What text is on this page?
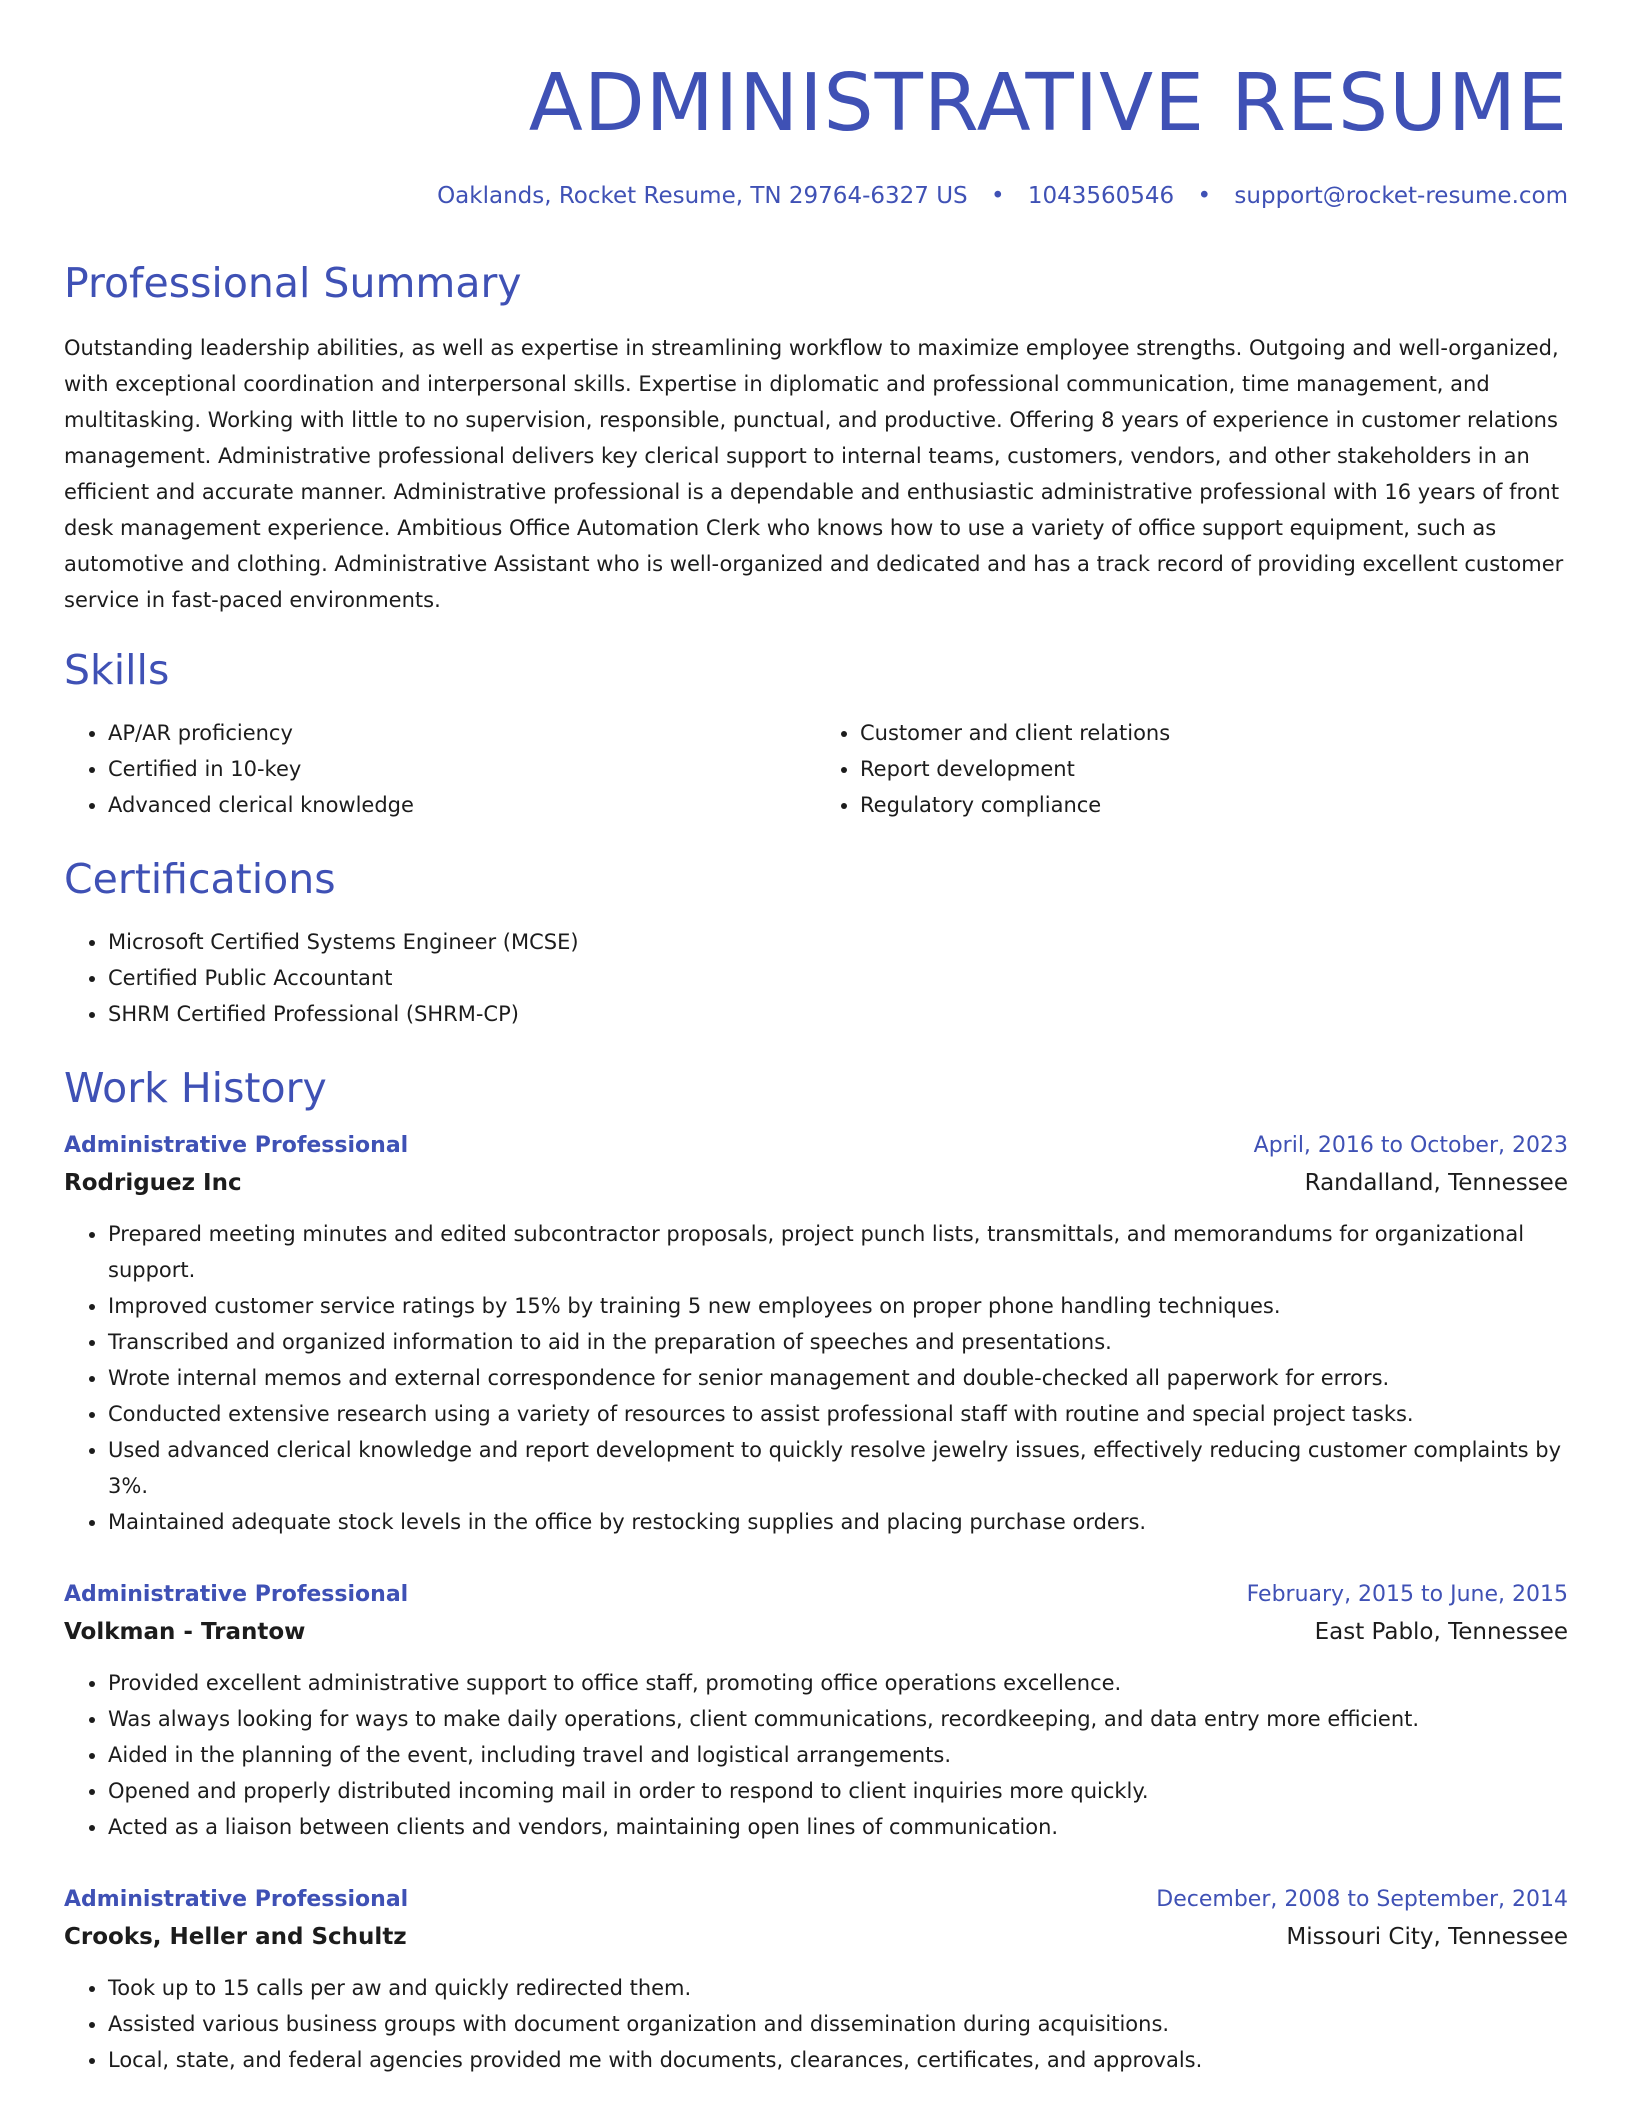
ADMINISTRATIVE RESUME
Oaklands, Rocket Resume, TN 29764-6327 US • 1043560546 • support@rocket-resume.com
Professional Summary
Outstanding leadership abilities, as well as expertise in streamlining workflow to maximize employee strengths. Outgoing and well-organized, with exceptional coordination and interpersonal skills. Expertise in diplomatic and professional communication, time management, and multitasking. Working with little to no supervision, responsible, punctual, and productive. Offering 8 years of experience in customer relations management. Administrative professional delivers key clerical support to internal teams, customers, vendors, and other stakeholders in an efficient and accurate manner. Administrative professional is a dependable and enthusiastic administrative professional with 16 years of front desk management experience. Ambitious Office Automation Clerk who knows how to use a variety of office support equipment, such as automotive and clothing. Administrative Assistant who is well-organized and dedicated and has a track record of providing excellent customer service in fast-paced environments.
Skills
• AP/AR proficiency
• Certified in 10-key
• Advanced clerical knowledge
• Customer and client relations
• Report development
• Regulatory compliance
Certifications
• Microsoft Certified Systems Engineer (MCSE)
• Certified Public Accountant
• SHRM Certified Professional (SHRM-CP)
Work History
Administrative Professional	April, 2016 to October, 2023
Rodriguez Inc	Randalland, Tennessee
• Prepared meeting minutes and edited subcontractor proposals, project punch lists, transmittals, and memorandums for organizational support.
• Improved customer service ratings by 15% by training 5 new employees on proper phone handling techniques.
• Transcribed and organized information to aid in the preparation of speeches and presentations.
• Wrote internal memos and external correspondence for senior management and double-checked all paperwork for errors.
• Conducted extensive research using a variety of resources to assist professional staff with routine and special project tasks.
• Used advanced clerical knowledge and report development to quickly resolve jewelry issues, effectively reducing customer complaints by 3%.
• Maintained adequate stock levels in the office by restocking supplies and placing purchase orders.
Administrative Professional	February, 2015 to June, 2015
Volkman - Trantow	East Pablo, Tennessee
• Provided excellent administrative support to office staff, promoting office operations excellence.
• Was always looking for ways to make daily operations, client communications, recordkeeping, and data entry more efficient.
• Aided in the planning of the event, including travel and logistical arrangements.
• Opened and properly distributed incoming mail in order to respond to client inquiries more quickly.
• Acted as a liaison between clients and vendors, maintaining open lines of communication.
Administrative Professional	December, 2008 to September, 2014
Crooks, Heller and Schultz	Missouri City, Tennessee
• Took up to 15 calls per aw and quickly redirected them.
• Assisted various business groups with document organization and dissemination during acquisitions.
• Local, state, and federal agencies provided me with documents, clearances, certificates, and approvals.
